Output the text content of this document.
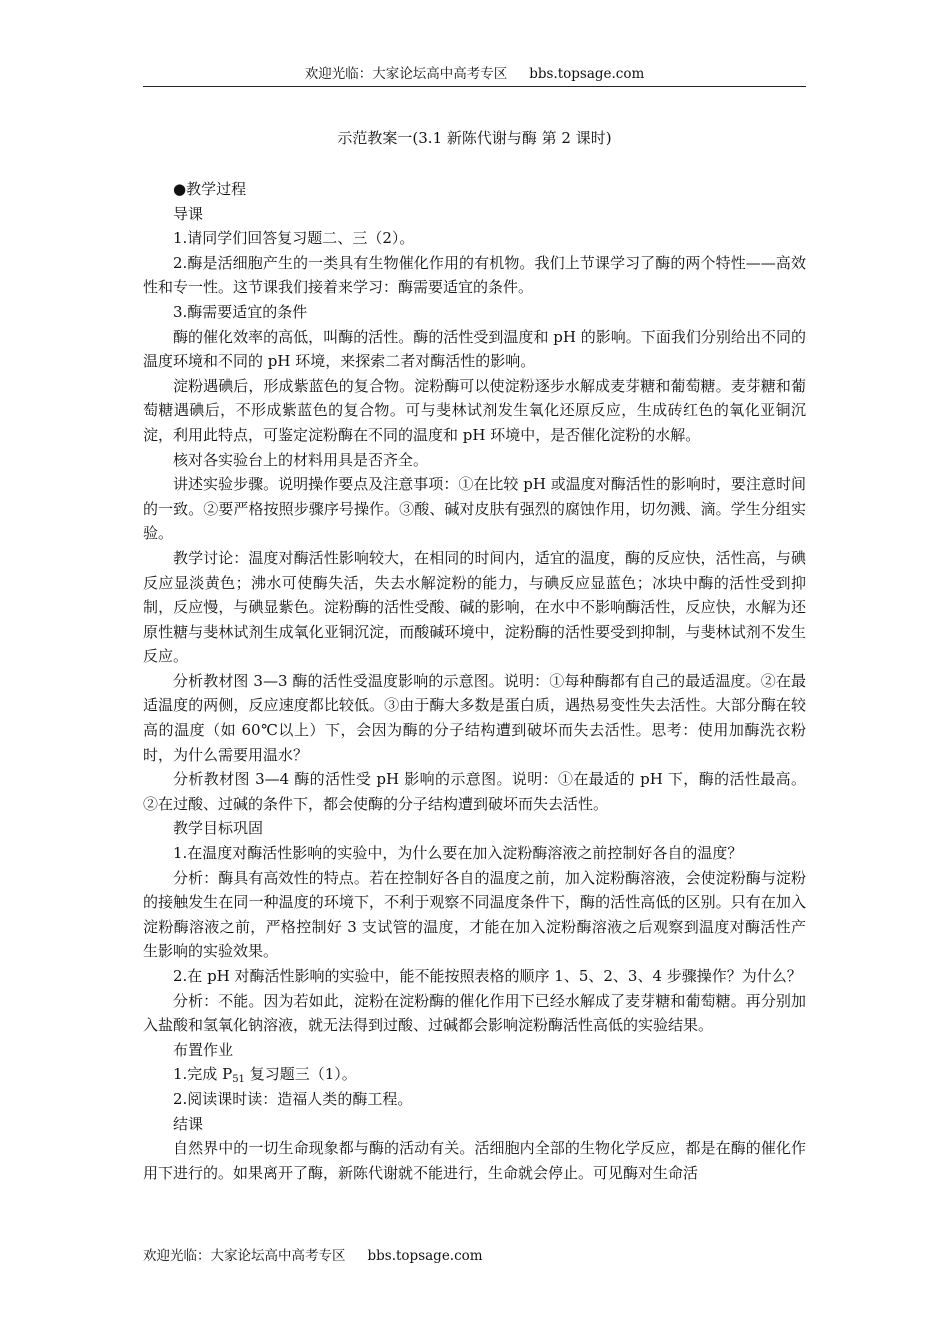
欢迎光临：大家论坛高中高考专区 bbs.topsage.com
示范教案一(3.1 新陈代谢与酶 第 2 课时)

●教学过程

导课

1.请同学们回答复习题二、三（2）。

2.酶是活细胞产生的一类具有生物催化作用的有机物。我们上节课学习了酶的两个特性——高效性和专一性。这节课我们接着来学习：酶需要适宜的条件。

3.酶需要适宜的条件

酶的催化效率的高低，叫酶的活性。酶的活性受到温度和 pH 的影响。下面我们分别给出不同的温度环境和不同的 pH 环境，来探索二者对酶活性的影响。

淀粉遇碘后，形成紫蓝色的复合物。淀粉酶可以使淀粉逐步水解成麦芽糖和葡萄糖。麦芽糖和葡萄糖遇碘后，不形成紫蓝色的复合物。可与斐林试剂发生氧化还原反应，生成砖红色的氧化亚铜沉淀，利用此特点，可鉴定淀粉酶在不同的温度和 pH 环境中，是否催化淀粉的水解。

核对各实验台上的材料用具是否齐全。

讲述实验步骤。说明操作要点及注意事项：①在比较 pH 或温度对酶活性的影响时，要注意时间的一致。②要严格按照步骤序号操作。③酸、碱对皮肤有强烈的腐蚀作用，切勿溅、滴。学生分组实验。

教学讨论：温度对酶活性影响较大，在相同的时间内，适宜的温度，酶的反应快，活性高，与碘反应显淡黄色；沸水可使酶失活，失去水解淀粉的能力，与碘反应显蓝色；冰块中酶的活性受到抑制，反应慢，与碘显紫色。淀粉酶的活性受酸、碱的影响，在水中不影响酶活性，反应快，水解为还原性糖与斐林试剂生成氧化亚铜沉淀，而酸碱环境中，淀粉酶的活性要受到抑制，与斐林试剂不发生反应。

分析教材图 3—3 酶的活性受温度影响的示意图。说明：①每种酶都有自己的最适温度。②在最适温度的两侧，反应速度都比较低。③由于酶大多数是蛋白质，遇热易变性失去活性。大部分酶在较高的温度（如 60℃以上）下，会因为酶的分子结构遭到破坏而失去活性。思考：使用加酶洗衣粉时，为什么需要用温水？

分析教材图 3—4 酶的活性受 pH 影响的示意图。说明：①在最适的 pH 下，酶的活性最高。②在过酸、过碱的条件下，都会使酶的分子结构遭到破坏而失去活性。

教学目标巩固

1.在温度对酶活性影响的实验中，为什么要在加入淀粉酶溶液之前控制好各自的温度？

分析：酶具有高效性的特点。若在控制好各自的温度之前，加入淀粉酶溶液，会使淀粉酶与淀粉的接触发生在同一种温度的环境下，不利于观察不同温度条件下，酶的活性高低的区别。只有在加入淀粉酶溶液之前，严格控制好 3 支试管的温度，才能在加入淀粉酶溶液之后观察到温度对酶活性产生影响的实验效果。

2.在 pH 对酶活性影响的实验中，能不能按照表格的顺序 1、5、2、3、4 步骤操作？为什么？

分析：不能。因为若如此，淀粉在淀粉酶的催化作用下已经水解成了麦芽糖和葡萄糖。再分别加入盐酸和氢氧化钠溶液，就无法得到过酸、过碱都会影响淀粉酶活性高低的实验结果。

布置作业

1.完成 $P_{51}$ 复习题三（1）。

2.阅读课时读：造福人类的酶工程。

结课

自然界中的一切生命现象都与酶的活动有关。活细胞内全部的生物化学反应，都是在酶的催化作用下进行的。如果离开了酶，新陈代谢就不能进行，生命就会停止。可见酶对生命活

欢迎光临：大家论坛高中高考专区 bbs.topsage.com
